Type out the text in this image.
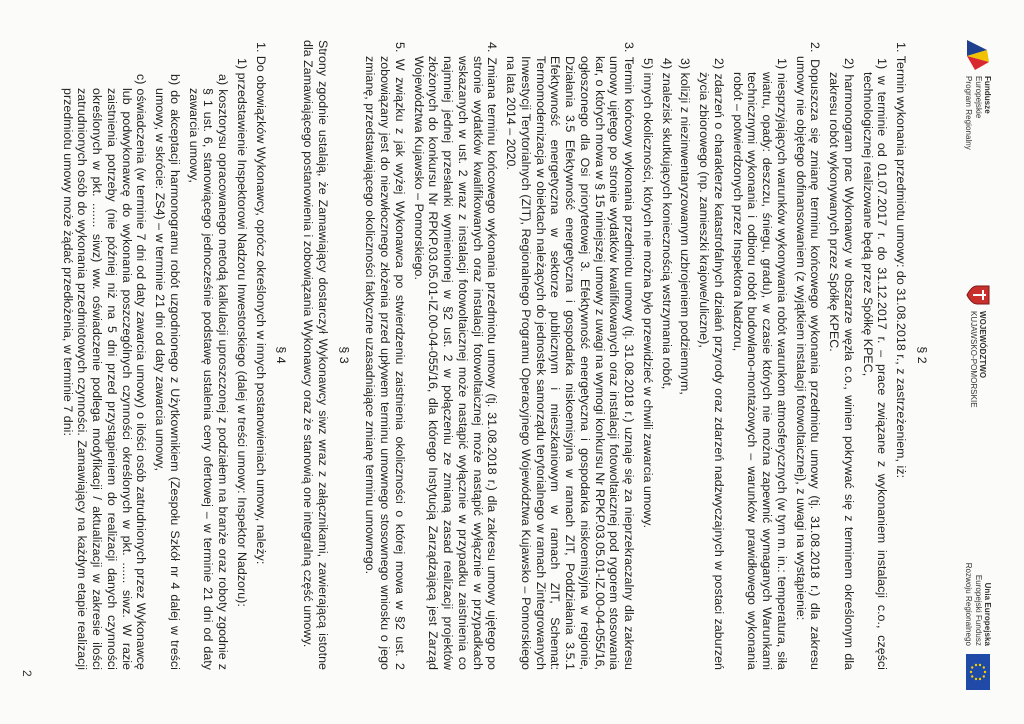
Fundusze
Europejskie
Program Regionalny
WOJEWÓDZTWO
KUJAWSKO-POMORSKIE
Unia Europejska
Europejski Fundusz
Rozwoju Regionalnego
§ 2
1. Termin wykonania przedmiotu umowy: do 31.08.2018 r., z zastrzeżeniem, iż:
1) w terminie od 01.07.2017 r. do 31.12.2017 r. – prace związane z wykonaniem instalacji c.o., części technologicznej realizowane będą przez Spółkę KPEC,
2) harmonogram prac Wykonawcy w obszarze węzła c.o., winien pokrywać się z terminem określonym dla zakresu robót wykonywanych przez Spółkę KPEC.
2. Dopuszcza się zmianę terminu końcowego wykonania przedmiotu umowy (tj. 31.08.2018 r.) dla zakresu umowy nie objętego dofinansowaniem (z wyjątkiem instalacji fotowoltaicznej), z uwagi na wystąpienie:
1) niesprzyjających warunków wykonywania robót warunkom atmosferycznych (w tym m. in.: temperatura, siła wiatru, opady: deszczu, śniegu, gradu), w czasie których nie można zapewnić wymaganych Warunkami technicznymi wykonania i odbioru robót budowlano-montażowych – warunków prawidłowego wykonania robót – potwierdzonych przez Inspektora Nadzoru,
2) zdarzeń o charakterze katastrofalnych działań przyrody oraz zdarzeń nadzwyczajnych w postaci zaburzeń życia zbiorowego (np. zamieszki krajowe/uliczne),
3) kolizji z niezinwentaryzowanym uzbrojeniem podziemnym,
4) znalezisk skutkujących koniecznością wstrzymania robót,
5) innych okoliczności, których nie można było przewidzieć w chwili zawarcia umowy.
3. Termin końcowy wykonania przedmiotu umowy (tj. 31.08.2018 r.) uznaje się za nieprzekraczalny dla zakresu umowy ujętego po stronie wydatków kwalifikowanych oraz instalacji fotowoltaicznej pod rygorem stosowania kar, o których mowa w § 15 niniejszej umowy z uwagi na wymogi konkursu Nr RPKP.03.05.01-IZ.00-04-055/16, ogłoszonego dla Osi priorytetowej 3. Efektywność energetyczna i gospodarka niskoemisyjna w regionie, Działania 3.5 Efektywność energetyczna i gospodarka niskoemisyjna w ramach ZIT, Poddziałania 3.5.1 Efektywność energetyczna w sektorze publicznym i mieszkaniowym w ramach ZIT, Schemat: Termomodernizacja w obiektach należących do jednostek samorządu terytorialnego w ramach Zintegrowanych Inwestycji Terytorialnych (ZIT), Regionalnego Programu Operacyjnego Województwa Kujawsko – Pomorskiego na lata 2014 – 2020.
4. Zmiana terminu końcowego wykonania przedmiotu umowy (tj. 31.08.2018 r.) dla zakresu umowy ujętego po stronie wydatków kwalifikowanych oraz instalacji fotowoltaicznej może nastąpić wyłącznie w przypadkach wskazanych w ust. 2 wraz z instalacji fotowoltaicznej może nastąpić wyłącznie w przypadku zaistnienia co najmniej jednej przesłanki wymienionej w §2 ust. 2 w połączeniu ze zmianą zasad realizacji projektów złożonych do konkursu Nr RPKP.03.05.01-IZ.00-04-055/16, dla którego Instytucją Zarządzającą jest Zarząd Województwa Kujawsko – Pomorskiego.
5. W związku z jak wyżej Wykonawca po stwierdzeniu zaistnienia okoliczności o której mowa w §2 ust. 2 zobowiązany jest do niezwłocznego złożenia przed upływem terminu umownego stosownego wniosku o jego zmianę, przedstawiającego okoliczności faktyczne uzasadniające zmianę terminu umownego.
§ 3
Strony zgodnie ustalają, że Zamawiający dostarczył Wykonawcy siwz wraz z załącznikami, zawierającą istotne dla Zamawiającego postanowienia i zobowiązania Wykonawcy oraz że stanowią one integralną część umowy.
§ 4
1. Do obowiązków Wykonawcy, oprócz określonych w innych postanowieniach umowy, należy:
1) przedstawienie Inspektorowi Nadzoru Inwestorskiego (dalej w treści umowy: Inspektor Nadzoru):
a) kosztorysu opracowanego metodą kalkulacji uproszczonej z podziałem na branże oraz roboty zgodnie z § 1 ust. 6, stanowiącego jednocześnie podstawę ustalenia ceny ofertowej – w terminie 21 dni od daty zawarcia umowy,
b) do akceptacji harmonogramu robót uzgodnionego z Użytkownikiem (Zespołu Szkół nr 4 dalej w treści umowy, w skrócie: ZS4) – w terminie 21 dni od daty zawarcia umowy,
c) oświadczenia (w terminie 7 dni od daty zawarcia umowy) o ilości osób zatrudnionych przez Wykonawcę lub podwykonawcę do wykonania poszczególnych czynności określonych w pkt. ...... siwz. W razie zaistnienia potrzeby (nie później niż na 5 dni przed przystąpieniem do realizacji danych czynności określonych w pkt. ....... siwz) ww. oświadczenie podlega modyfikacji / aktualizacji w zakresie ilości zatrudnionych osób do wykonania przedmiotowych czynności. Zamawiający na każdym etapie realizacji przedmiotu umowy może żądać przedłożenia, w terminie 7 dni:
2
